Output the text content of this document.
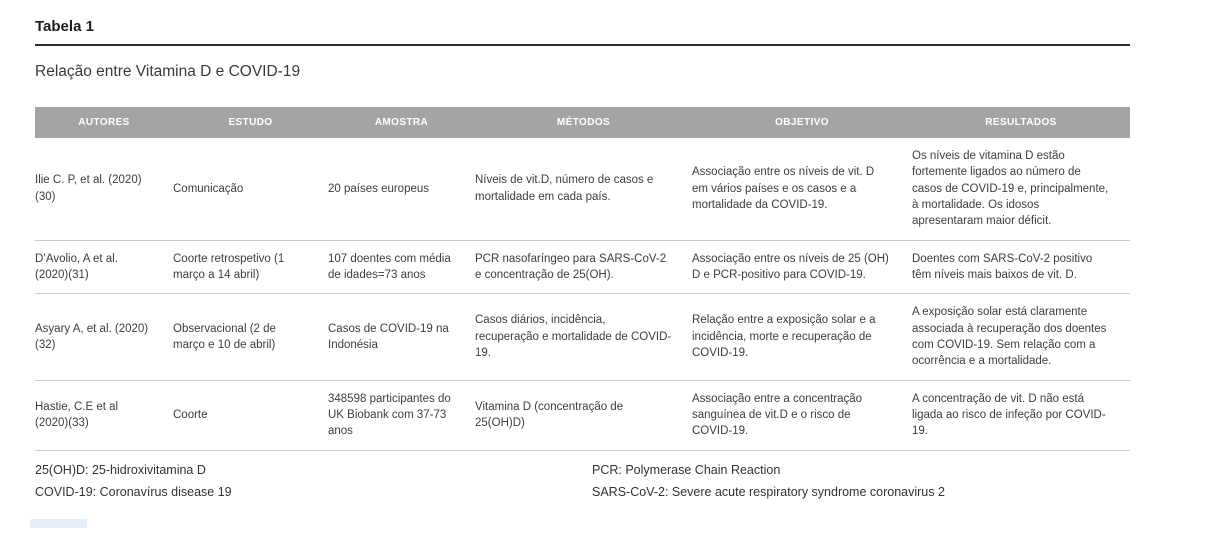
Tabela 1
Relação entre Vitamina D e COVID-19
AUTORES	ESTUDO	AMOSTRA	MÉTODOS	OBJETIVO	RESULTADOS
Ilie C. P, et al. (2020) (30)	Comunicação	20 países europeus	Níveis de vit.D, número de casos e mortalidade em cada país.	Associação entre os níveis de vit. D em vários países e os casos e a mortalidade da COVID-19.	Os níveis de vitamina D estão fortemente ligados ao número de casos de COVID-19 e, principalmente, à mortalidade. Os idosos apresentaram maior déficit.
D’Avolio, A et al. (2020)(31)	Coorte retrospetivo (1 março a 14 abril)	107 doentes com média de idades=73 anos	PCR nasofaríngeo para SARS-CoV-2 e concentração de 25(OH).	Associação entre os níveis de 25 (OH) D e PCR-positivo para COVID-19.	Doentes com SARS-CoV-2 positivo têm níveis mais baixos de vit. D.
Asyary A, et al. (2020)(32)	Observacional (2 de março e 10 de abril)	Casos de COVID-19 na Indonésia	Casos diários, incidência, recuperação e mortalidade de COVID-19.	Relação entre a exposição solar e a incidência, morte e recuperação de COVID-19.	A exposição solar está claramente associada à recuperação dos doentes com COVID-19. Sem relação com a ocorrência e a mortalidade.
Hastie, C.E et al (2020)(33)	Coorte	348598 participantes do UK Biobank com 37-73 anos	Vitamina D (concentração de 25(OH)D)	Associação entre a concentração sanguínea de vit.D e o risco de COVID-19.	A concentração de vit. D não está ligada ao risco de infeção por COVID-19.
25(OH)D: 25-hidroxivitamina D	PCR: Polymerase Chain Reaction
COVID-19: Coronavírus disease 19	SARS-CoV-2: Severe acute respiratory syndrome coronavirus 2
